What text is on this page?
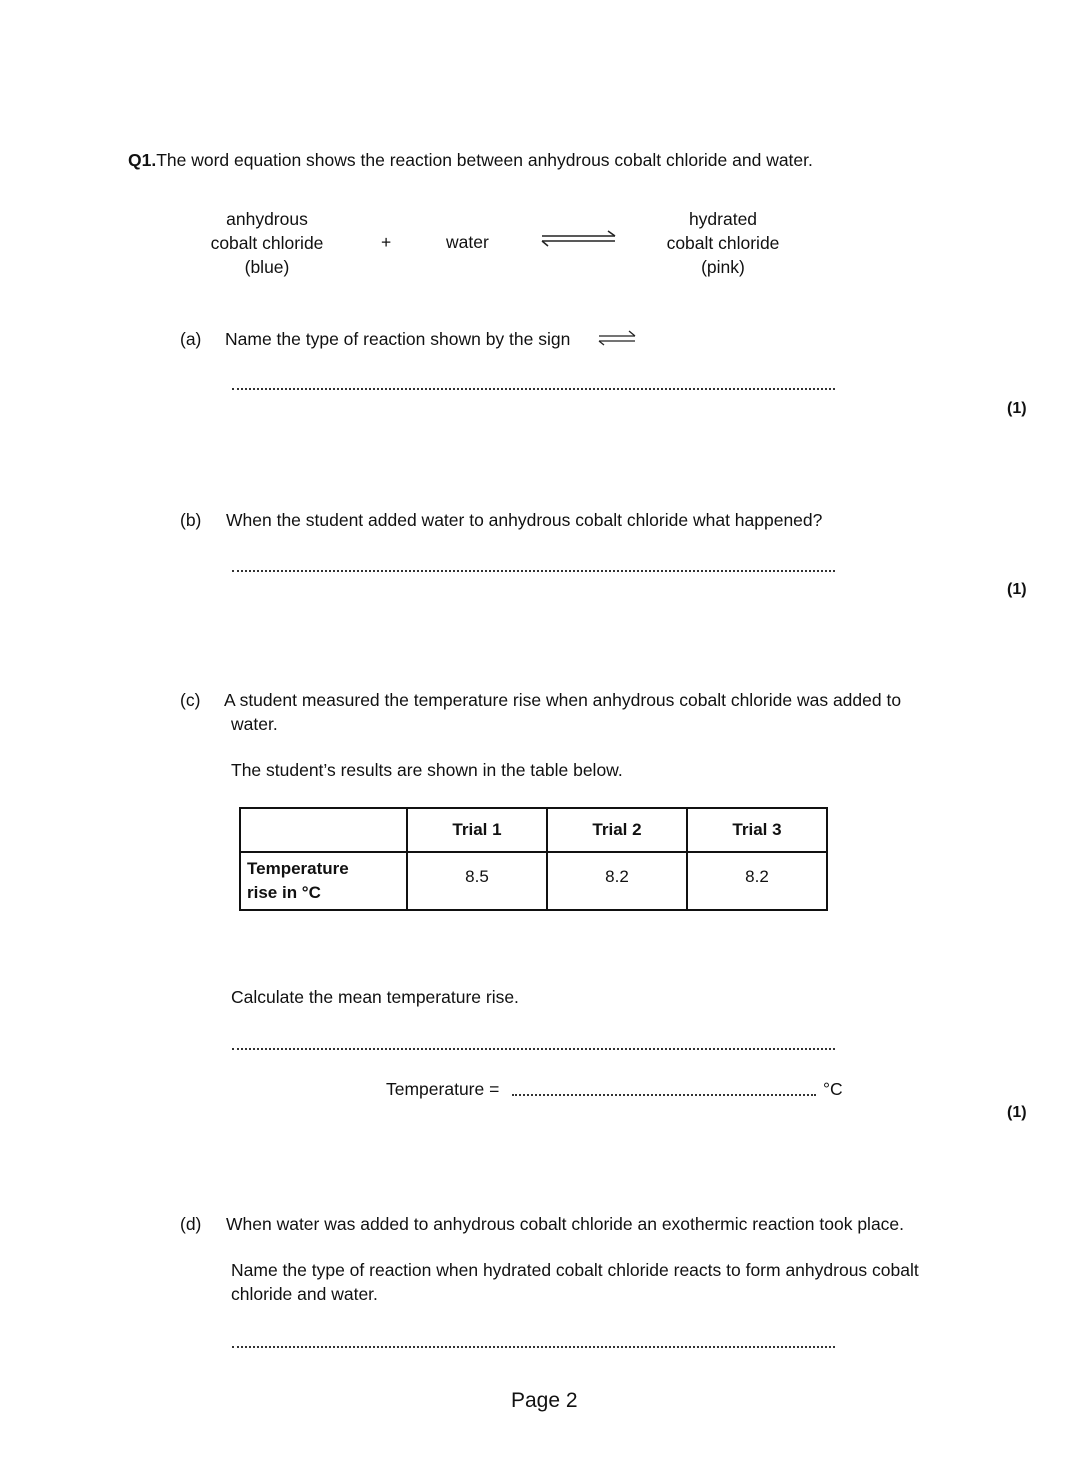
Q1.The word equation shows the reaction between anhydrous cobalt chloride and water.
anhydrous
cobalt chloride
(blue)
+	water
hydrated
cobalt chloride
(pink)
(a) Name the type of reaction shown by the sign
(1)
(b) When the student added water to anhydrous cobalt chloride what happened?
(1)
(c) A student measured the temperature rise when anhydrous cobalt chloride was added to
water.
The student’s results are shown in the table below.
	Trial 1	Trial 2	Trial 3

Temperature
rise in °C	8.5	8.2	8.2
Calculate the mean temperature rise.
Temperature =	°C
(1)
(d) When water was added to anhydrous cobalt chloride an exothermic reaction took place.
Name the type of reaction when hydrated cobalt chloride reacts to form anhydrous cobalt
chloride and water.
Page 2
